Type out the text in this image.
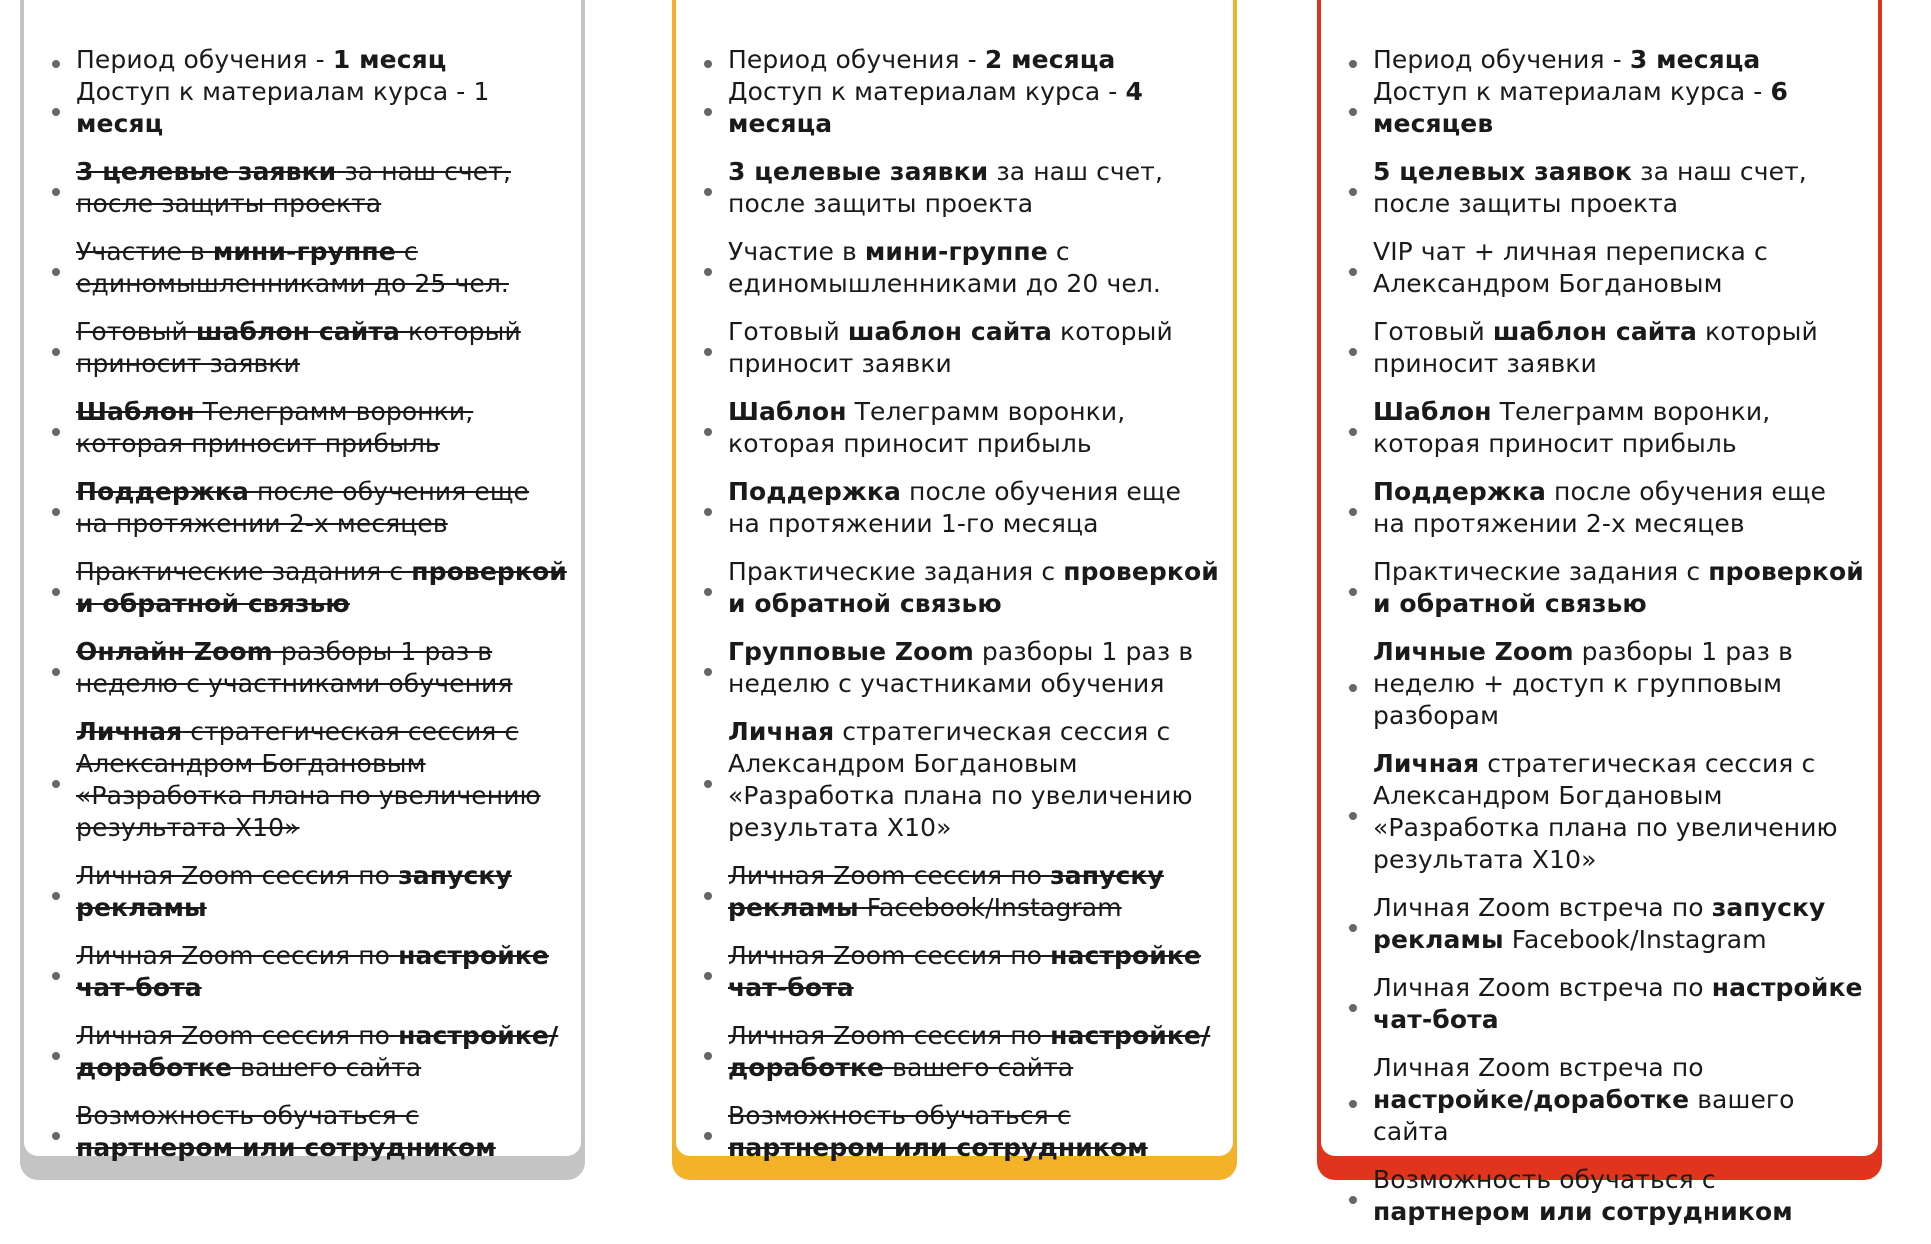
Период обучения - 1 месяц
Доступ к материалам курса - 1 месяц
3 целевые заявки за наш счет, после защиты проекта
Участие в мини-группе с единомышленниками до 25 чел.
Готовый шаблон сайта который приносит заявки
Шаблон Телеграмм воронки, которая приносит прибыль
Поддержка после обучения еще на протяжении 2-х месяцев
Практические задания с проверкой и обратной связью
Онлайн Zoom разборы 1 раз в неделю с участниками обучения
Личная стратегическая сессия с Александром Богдановым «Разработка плана по увеличению результата Х10»
Личная Zoom сессия по запуску рекламы
Личная Zoom сессия по настройке чат-бота
Личная Zoom сессия по настройке/доработке вашего сайта
Возможность обучаться с партнером или сотрудником
Период обучения - 2 месяца
Доступ к материалам курса - 4 месяца
3 целевые заявки за наш счет, после защиты проекта
Участие в мини-группе с единомышленниками до 20 чел.
Готовый шаблон сайта который приносит заявки
Шаблон Телеграмм воронки, которая приносит прибыль
Поддержка после обучения еще на протяжении 1-го месяца
Практические задания с проверкой и обратной связью
Групповые Zoom разборы 1 раз в неделю с участниками обучения
Личная стратегическая сессия с Александром Богдановым «Разработка плана по увеличению результата Х10»
Личная Zoom сессия по запуску рекламы Facebook/Instagram
Личная Zoom сессия по настройке чат-бота
Личная Zoom сессия по настройке/доработке вашего сайта
Возможность обучаться с партнером или сотрудником
Период обучения - 3 месяца
Доступ к материалам курса - 6 месяцев
5 целевых заявок за наш счет, после защиты проекта
VIP чат + личная переписка с Александром Богдановым
Готовый шаблон сайта который приносит заявки
Шаблон Телеграмм воронки, которая приносит прибыль
Поддержка после обучения еще на протяжении 2-х месяцев
Практические задания с проверкой и обратной связью
Личные Zoom разборы 1 раз в неделю + доступ к групповым разборам
Личная стратегическая сессия с Александром Богдановым «Разработка плана по увеличению результата Х10»
Личная Zoom встреча по запуску рекламы Facebook/Instagram
Личная Zoom встреча по настройке чат-бота
Личная Zoom встреча по настройке/доработке вашего сайта
Возможность обучаться с партнером или сотрудником
